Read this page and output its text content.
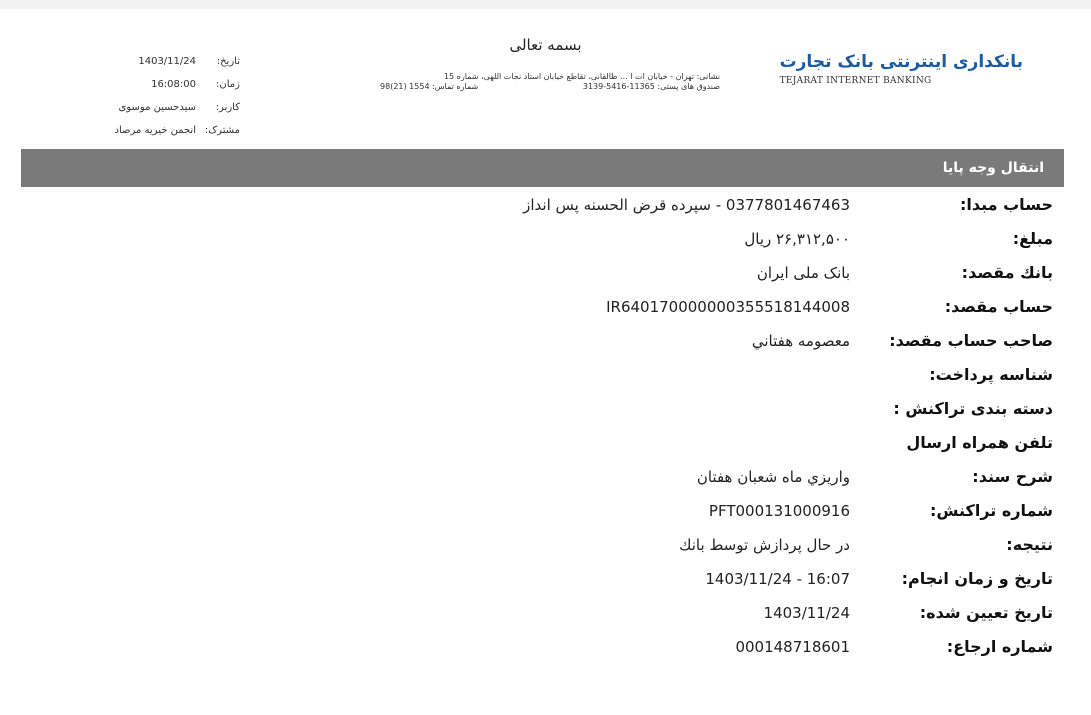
بسمه تعالی
نشانی: تهران - خیابان ات ا ... طالقانی، تقاطع خیابان استاد نجات اللهی، شماره 15
صندوق های پستی: 11365-5416-3139
شماره تماس: 1554 (21)98
تاریخ:
1403/11/24
زمان:
16:08:00
کاربر:
سیدحسین موسوی
مشترک:
انجمن خیریه مرصاد
بانکداری اینترنتی بانک تجارت
TEJARAT INTERNET BANKING
انتقال وجه پایا
حساب مبدا:
0377801467463 - سپرده قرض الحسنه پس انداز
مبلغ:
۲۶,۳۱۲,۵۰۰ ریال
بانك مقصد:
بانک ملی ایران
حساب مقصد:
IR640170000000355518144008
صاحب حساب مقصد:
معصومه هفتاني
شناسه پرداخت:
دسته بندی تراکنش :
تلفن همراه ارسال
شرح سند:
واريزي ماه شعبان هفتان
شماره تراكنش:
PFT000131000916
نتیجه:
در حال پردازش توسط بانك
تاریخ و زمان انجام:
1403/11/24 - 16:07
تاریخ تعیین شده:
1403/11/24
شماره ارجاع:
000148718601
